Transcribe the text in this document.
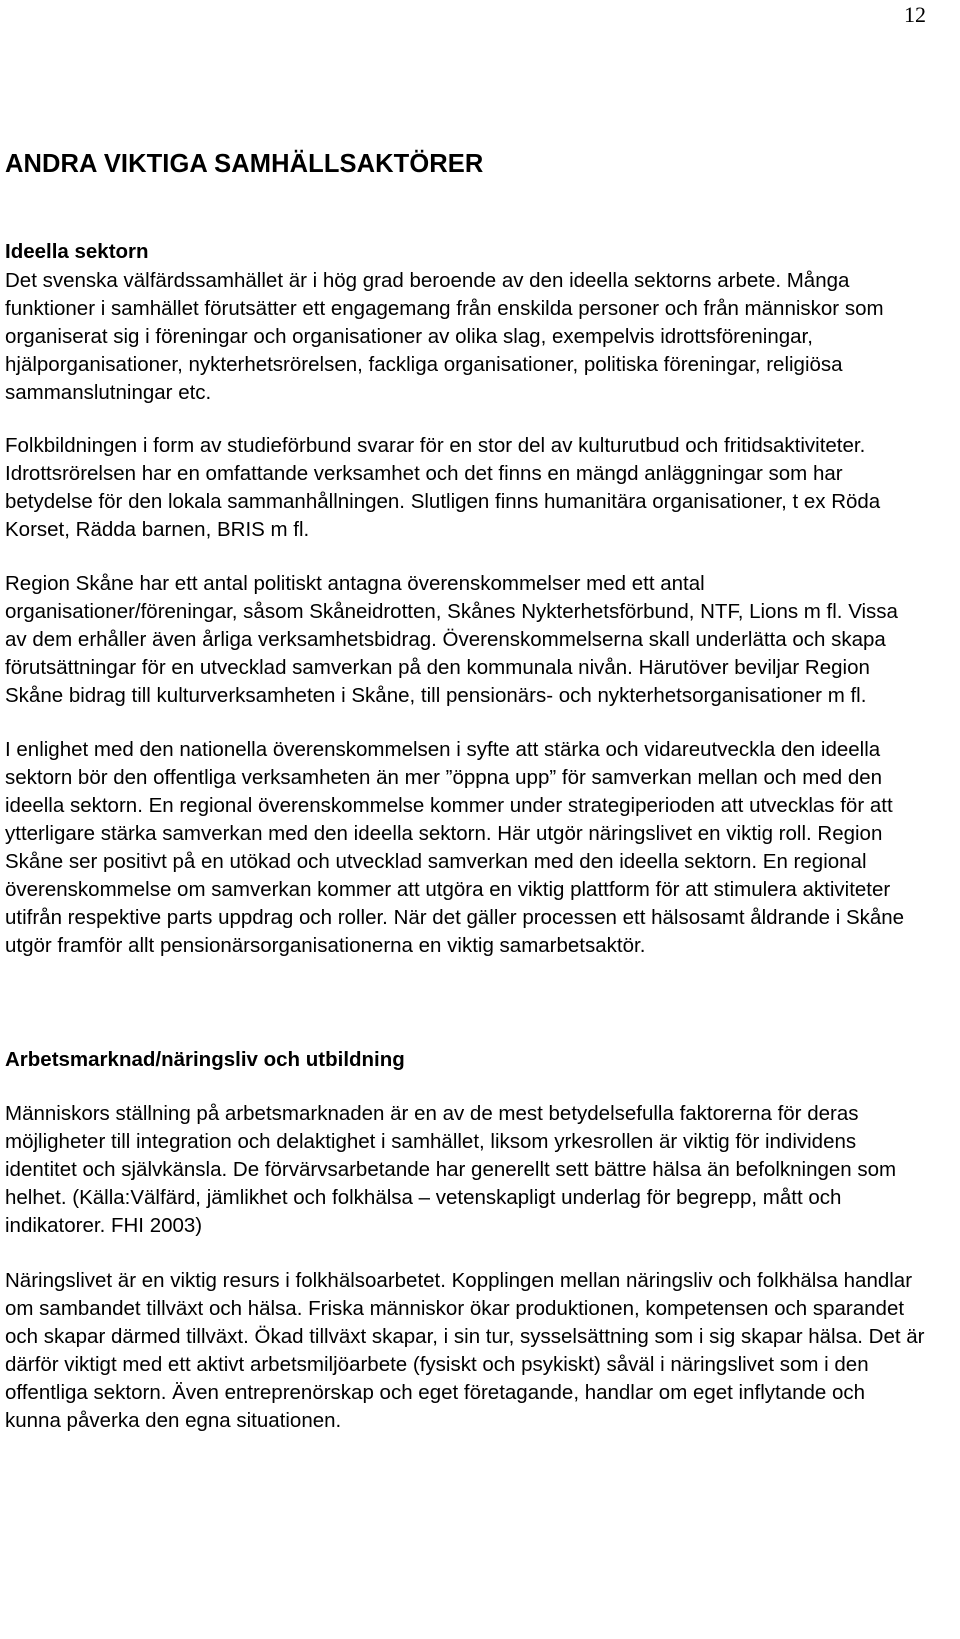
12
ANDRA VIKTIGA SAMHÄLLSAKTÖRER
Ideella sektorn

Det svenska välfärdssamhället är i hög grad beroende av den ideella sektorns arbete. Många funktioner i samhället förutsätter ett engagemang från enskilda personer och från människor som organiserat sig i föreningar och organisationer av olika slag, exempelvis idrottsföreningar, hjälporganisationer, nykterhetsrörelsen, fackliga organisationer, politiska föreningar, religiösa sammanslutningar etc.

Folkbildningen i form av studieförbund svarar för en stor del av kulturutbud och fritidsaktiviteter. Idrottsrörelsen har en omfattande verksamhet och det finns en mängd anläggningar som har betydelse för den lokala sammanhållningen. Slutligen finns humanitära organisationer, t ex Röda Korset, Rädda barnen, BRIS m fl.

Region Skåne har ett antal politiskt antagna överenskommelser med ett antal organisationer/föreningar, såsom Skåneidrotten, Skånes Nykterhetsförbund, NTF, Lions m fl. Vissa av dem erhåller även årliga verksamhetsbidrag. Överenskommelserna skall underlätta och skapa förutsättningar för en utvecklad samverkan på den kommunala nivån. Härutöver beviljar Region Skåne bidrag till kulturverksamheten i Skåne, till pensionärs- och nykterhetsorganisationer m fl.

I enlighet med den nationella överenskommelsen i syfte att stärka och vidareutveckla den ideella sektorn bör den offentliga verksamheten än mer ”öppna upp” för samverkan mellan och med den ideella sektorn. En regional överenskommelse kommer under strategiperioden att utvecklas för att ytterligare stärka samverkan med den ideella sektorn. Här utgör näringslivet en viktig roll. Region Skåne ser positivt på en utökad och utvecklad samverkan med den ideella sektorn. En regional överenskommelse om samverkan kommer att utgöra en viktig plattform för att stimulera aktiviteter utifrån respektive parts uppdrag och roller. När det gäller processen ett hälsosamt åldrande i Skåne utgör framför allt pensionärsorganisationerna en viktig samarbetsaktör.

Arbetsmarknad/näringsliv och utbildning

Människors ställning på arbetsmarknaden är en av de mest betydelsefulla faktorerna för deras möjligheter till integration och delaktighet i samhället, liksom yrkesrollen är viktig för individens identitet och självkänsla. De förvärvsarbetande har generellt sett bättre hälsa än befolkningen som helhet. (Källa:Välfärd, jämlikhet och folkhälsa – vetenskapligt underlag för begrepp, mått och indikatorer. FHI 2003)

Näringslivet är en viktig resurs i folkhälsoarbetet. Kopplingen mellan näringsliv och folkhälsa handlar om sambandet tillväxt och hälsa. Friska människor ökar produktionen, kompetensen och sparandet och skapar därmed tillväxt. Ökad tillväxt skapar, i sin tur, sysselsättning som i sig skapar hälsa. Det är därför viktigt med ett aktivt arbetsmiljöarbete (fysiskt och psykiskt) såväl i näringslivet som i den offentliga sektorn. Även entreprenörskap och eget företagande, handlar om eget inflytande och kunna påverka den egna situationen.
